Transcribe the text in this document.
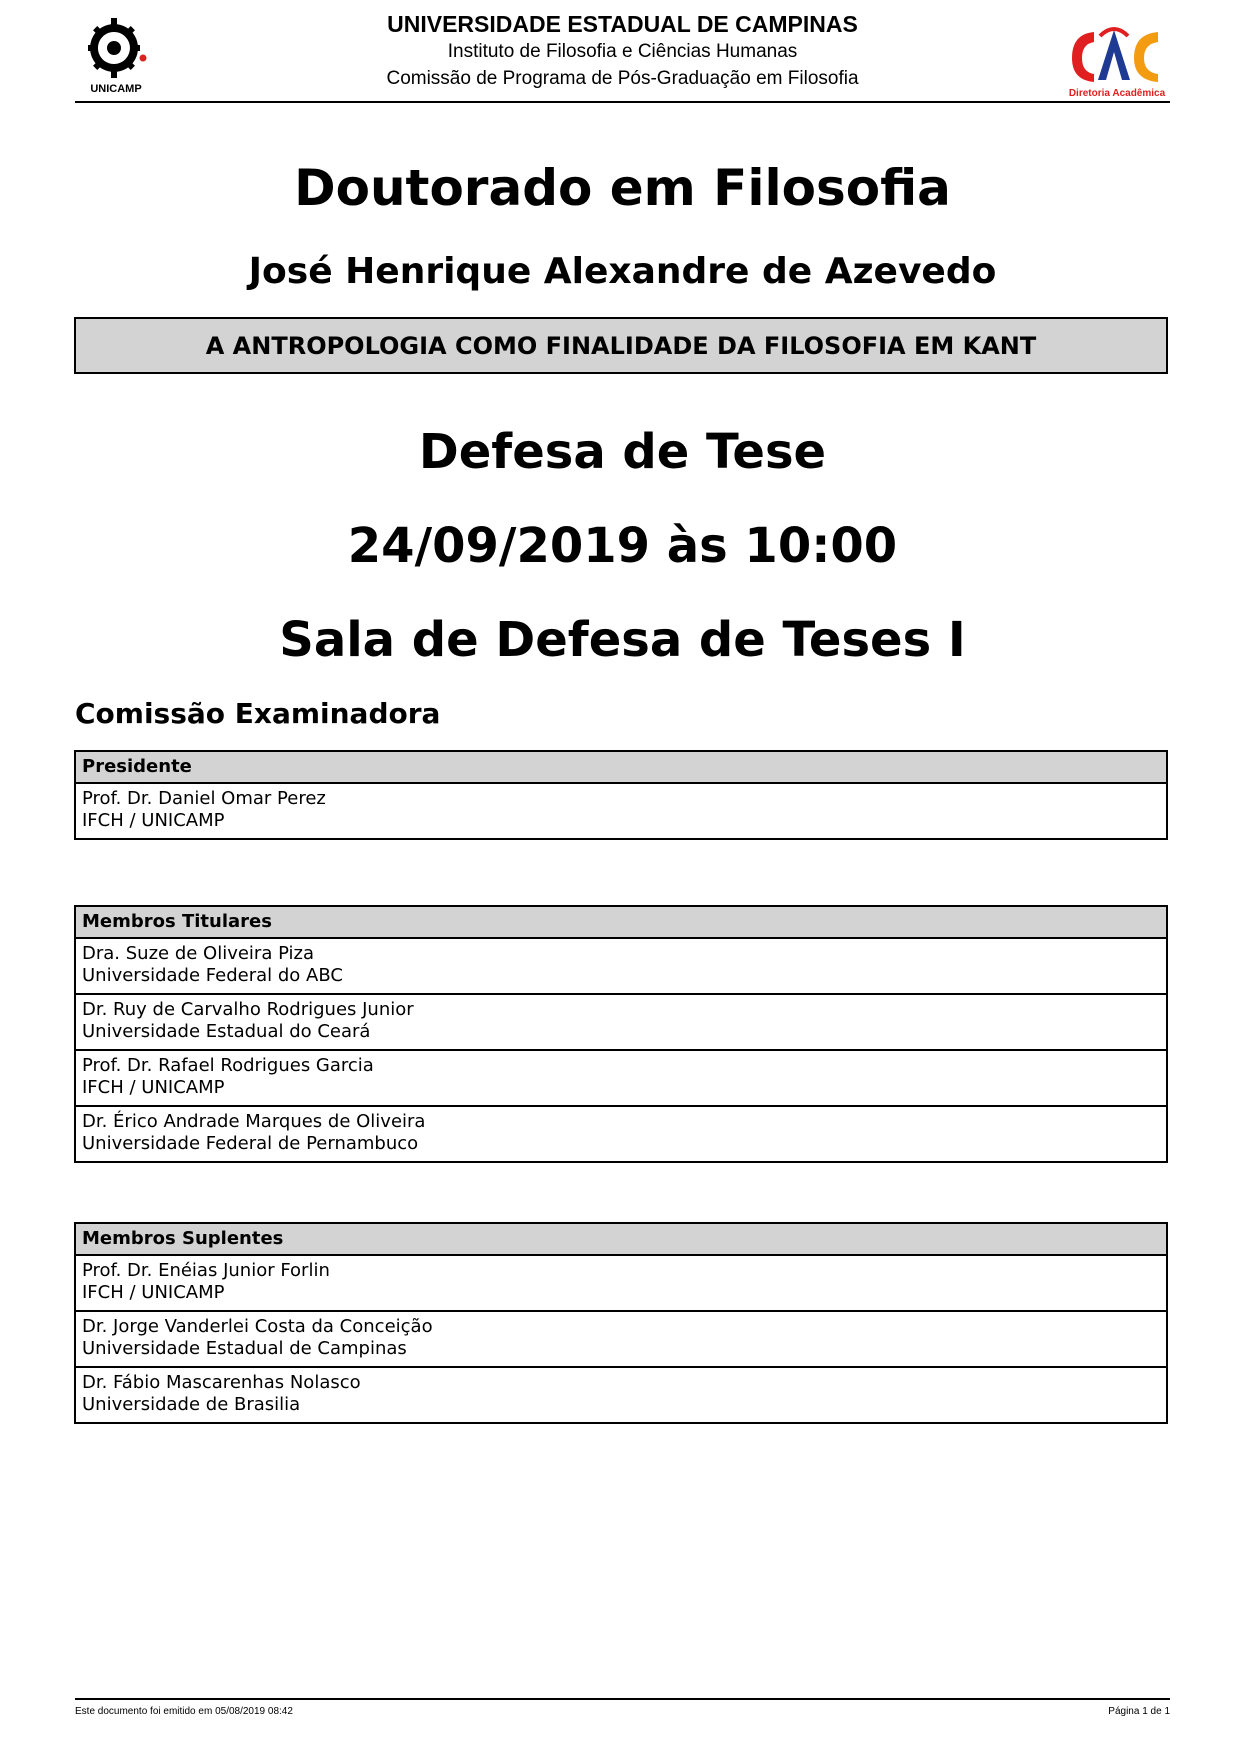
UNICAMP
UNIVERSIDADE ESTADUAL DE CAMPINAS
Instituto de Filosofia e Ciências Humanas
Comissão de Programa de Pós-Graduação em Filosofia
Diretoria Acadêmica
Doutorado em Filosofia
José Henrique Alexandre de Azevedo
A ANTROPOLOGIA COMO FINALIDADE DA FILOSOFIA EM KANT
Defesa de Tese
24/09/2019 às 10:00
Sala de Defesa de Teses I
Comissão Examinadora
Presidente
Prof. Dr. Daniel Omar Perez
IFCH / UNICAMP
Membros Titulares
Dra. Suze de Oliveira Piza
Universidade Federal do ABC
Dr. Ruy de Carvalho Rodrigues Junior
Universidade Estadual do Ceará
Prof. Dr. Rafael Rodrigues Garcia
IFCH / UNICAMP
Dr. Érico Andrade Marques de Oliveira
Universidade Federal de Pernambuco
Membros Suplentes
Prof. Dr. Enéias Junior Forlin
IFCH / UNICAMP
Dr. Jorge Vanderlei Costa da Conceição
Universidade Estadual de Campinas
Dr. Fábio Mascarenhas Nolasco
Universidade de Brasilia
Este documento foi emitido em 05/08/2019 08:42	Página 1 de 1
